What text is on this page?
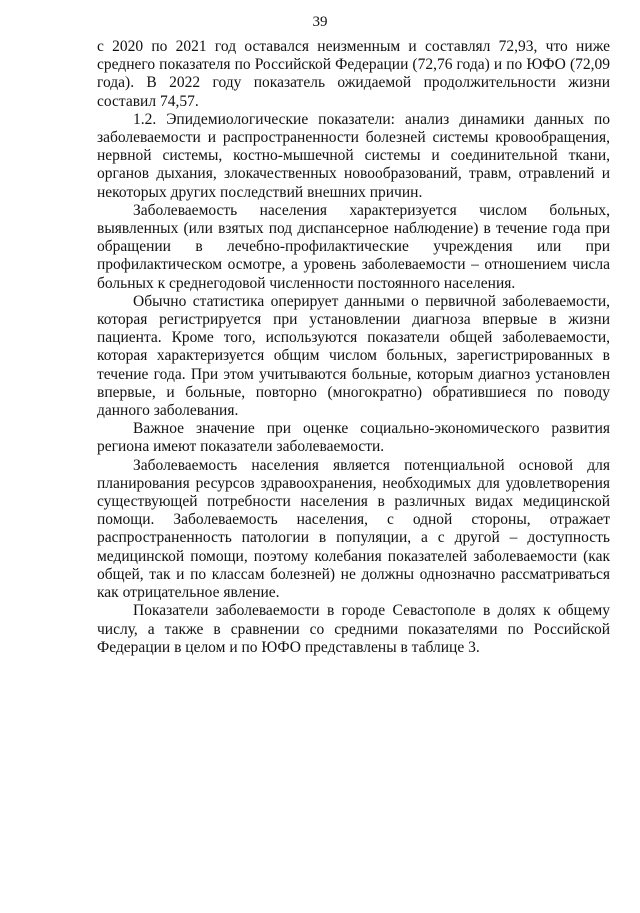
39

с 2020 по 2021 год оставался неизменным и составлял 72,93, что ниже среднего показателя по Российской Федерации (72,76 года) и по ЮФО (72,09 года). В 2022 году показатель ожидаемой продолжительности жизни составил 74,57.

1.2. Эпидемиологические показатели: анализ динамики данных по заболеваемости и распространенности болезней системы кровообращения, нервной системы, костно-мышечной системы и соединительной ткани, органов дыхания, злокачественных новообразований, травм, отравлений и некоторых других последствий внешних причин.

Заболеваемость населения характеризуется числом больных, выявленных (или взятых под диспансерное наблюдение) в течение года при обращении в лечебно-профилактические учреждения или при профилактическом осмотре, а уровень заболеваемости – отношением числа больных к среднегодовой численности постоянного населения.

Обычно статистика оперирует данными о первичной заболеваемости, которая регистрируется при установлении диагноза впервые в жизни пациента. Кроме того, используются показатели общей заболеваемости, которая характеризуется общим числом больных, зарегистрированных в течение года. При этом учитываются больные, которым диагноз установлен впервые, и больные, повторно (многократно) обратившиеся по поводу данного заболевания.

Важное значение при оценке социально-экономического развития региона имеют показатели заболеваемости.

Заболеваемость населения является потенциальной основой для планирования ресурсов здравоохранения, необходимых для удовлетворения существующей потребности населения в различных видах медицинской помощи. Заболеваемость населения, с одной стороны, отражает распространенность патологии в популяции, а с другой – доступность медицинской помощи, поэтому колебания показателей заболеваемости (как общей, так и по классам болезней) не должны однозначно рассматриваться как отрицательное явление.

Показатели заболеваемости в городе Севастополе в долях к общему числу, а также в сравнении со средними показателями по Российской Федерации в целом и по ЮФО представлены в таблице 3.
